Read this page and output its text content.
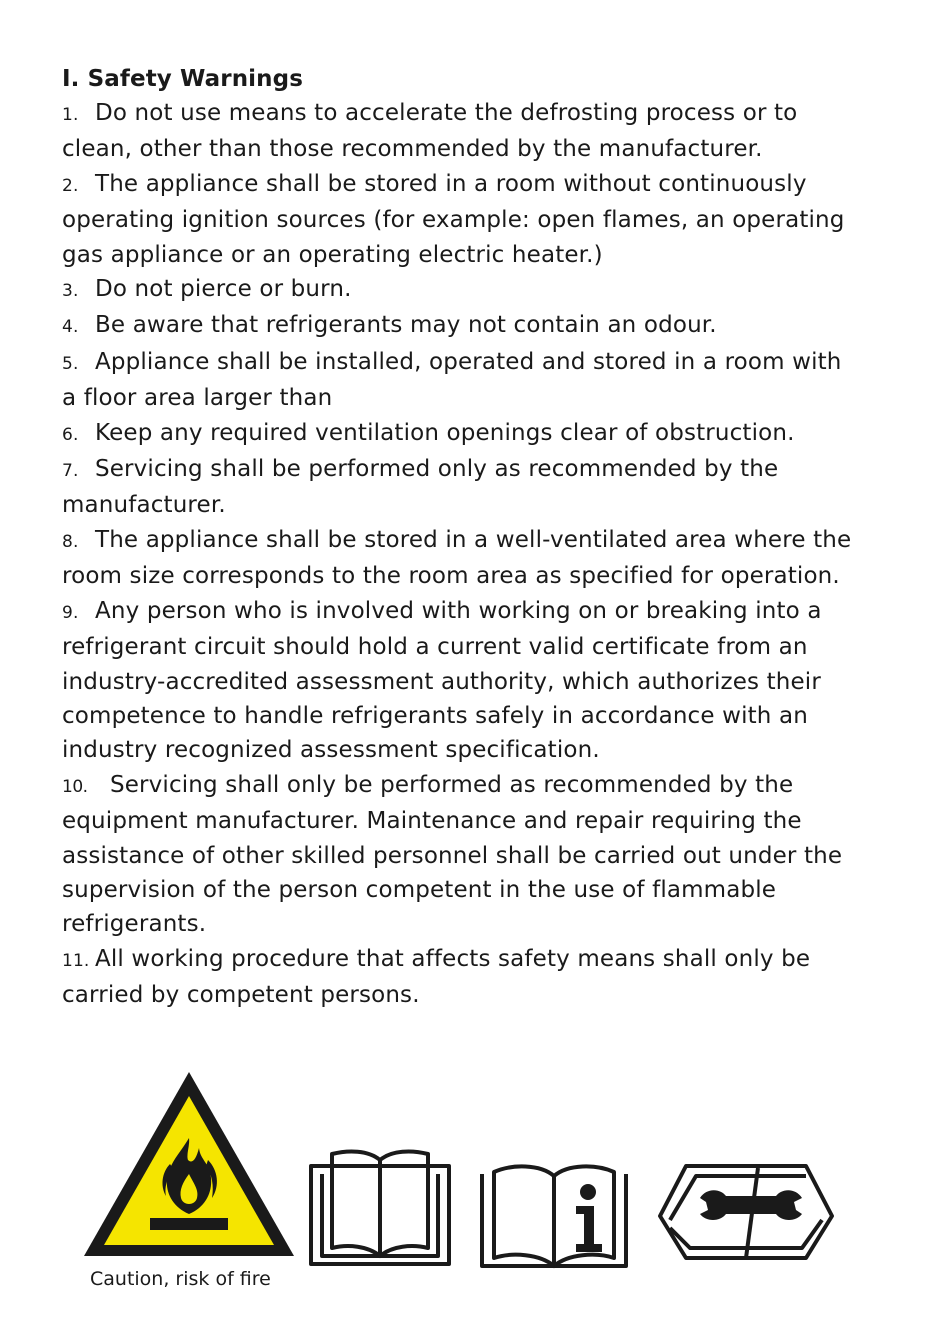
I. Safety Warnings
1. Do not use means to accelerate the defrosting process or to clean, other than those recommended by the manufacturer.
2. The appliance shall be stored in a room without continuously operating ignition sources (for example: open flames, an operating gas appliance or an operating electric heater.)
3. Do not pierce or burn.
4. Be aware that refrigerants may not contain an odour.
5. Appliance shall be installed, operated and stored in a room with a floor area larger than
6. Keep any required ventilation openings clear of obstruction.
7. Servicing shall be performed only as recommended by the manufacturer.
8. The appliance shall be stored in a well-ventilated area where the room size corresponds to the room area as specified for operation.
9. Any person who is involved with working on or breaking into a refrigerant circuit should hold a current valid certificate from an industry-accredited assessment authority, which authorizes their competence to handle refrigerants safely in accordance with an industry recognized assessment specification.
10. Servicing shall only be performed as recommended by the equipment manufacturer. Maintenance and repair requiring the assistance of other skilled personnel shall be carried out under the supervision of the person competent in the use of flammable refrigerants.
11. All working procedure that affects safety means shall only be carried by competent persons.
Caution, risk of fire
